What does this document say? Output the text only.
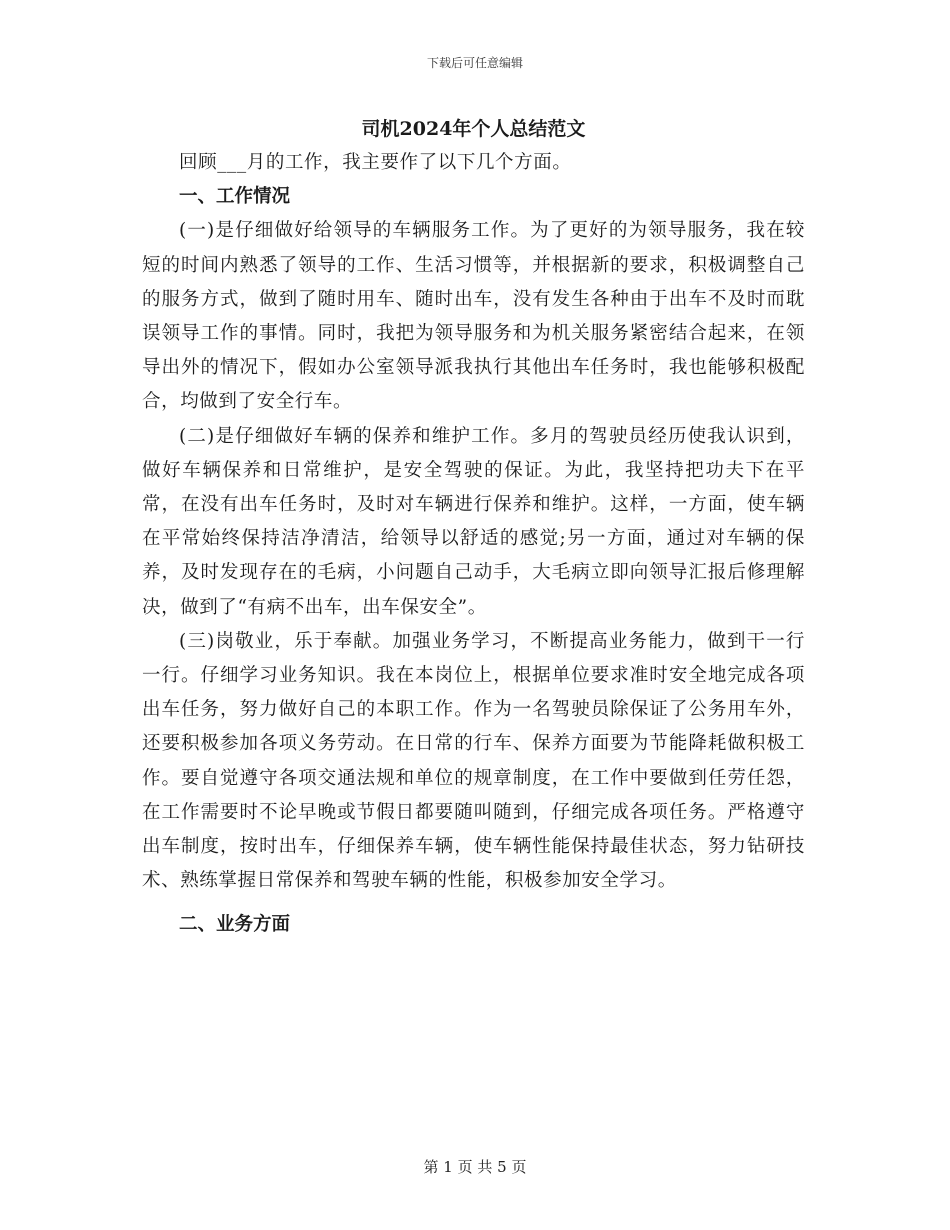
下载后可任意编辑
司机2024年个人总结范文

回顾___月的工作，我主要作了以下几个方面。

一、工作情况

(一)是仔细做好给领导的车辆服务工作。为了更好的为领导服务，我在较短的时间内熟悉了领导的工作、生活习惯等，并根据新的要求，积极调整自己的服务方式，做到了随时用车、随时出车，没有发生各种由于出车不及时而耽误领导工作的事情。同时，我把为领导服务和为机关服务紧密结合起来，在领导出外的情况下，假如办公室领导派我执行其他出车任务时，我也能够积极配合，均做到了安全行车。

(二)是仔细做好车辆的保养和维护工作。多月的驾驶员经历使我认识到，做好车辆保养和日常维护，是安全驾驶的保证。为此，我坚持把功夫下在平常，在没有出车任务时，及时对车辆进行保养和维护。这样，一方面，使车辆在平常始终保持洁净清洁，给领导以舒适的感觉;另一方面，通过对车辆的保养，及时发现存在的毛病，小问题自己动手，大毛病立即向领导汇报后修理解决，做到了“有病不出车，出车保安全”。

(三)岗敬业，乐于奉献。加强业务学习，不断提高业务能力，做到干一行一行。仔细学习业务知识。我在本岗位上，根据单位要求准时安全地完成各项出车任务，努力做好自己的本职工作。作为一名驾驶员除保证了公务用车外，还要积极参加各项义务劳动。在日常的行车、保养方面要为节能降耗做积极工作。要自觉遵守各项交通法规和单位的规章制度，在工作中要做到任劳任怨，在工作需要时不论早晚或节假日都要随叫随到，仔细完成各项任务。严格遵守出车制度，按时出车，仔细保养车辆，使车辆性能保持最佳状态，努力钻研技术、熟练掌握日常保养和驾驶车辆的性能，积极参加安全学习。

二、业务方面

第 1 页 共 5 页
